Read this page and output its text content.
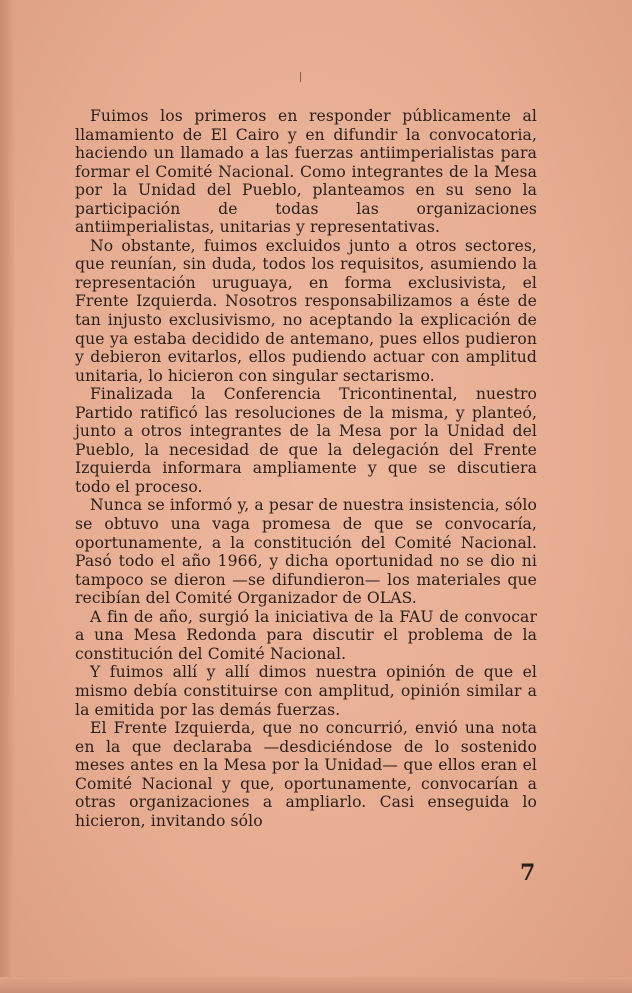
Fuimos los primeros en responder públicamente al llamamiento de El Cairo y en difundir la convocatoria, haciendo un llamado a las fuerzas antiimperialistas para formar el Comité Nacional. Como integrantes de la Mesa por la Unidad del Pueblo, planteamos en su seno la participación de todas las organizaciones antiimperialistas, unitarias y representativas.

No obstante, fuimos excluidos junto a otros sectores, que reunían, sin duda, todos los requisitos, asumiendo la representación uruguaya, en forma exclusivista, el Frente Izquierda. Nosotros responsabilizamos a éste de tan injusto exclusivismo, no aceptando la explicación de que ya estaba decidido de antemano, pues ellos pudieron y debieron evitarlos, ellos pudiendo actuar con amplitud unitaria, lo hicieron con singular sectarismo.

Finalizada la Conferencia Tricontinental, nuestro Partido ratificó las resoluciones de la misma, y planteó, junto a otros integrantes de la Mesa por la Unidad del Pueblo, la necesidad de que la delegación del Frente Izquierda informara ampliamente y que se discutiera todo el proceso.

Nunca se informó y, a pesar de nuestra insistencia, sólo se obtuvo una vaga promesa de que se convocaría, oportunamente, a la constitución del Comité Nacional. Pasó todo el año 1966, y dicha oportunidad no se dio ni tampoco se dieron —se difundieron— los materiales que recibían del Comité Organizador de OLAS.

A fin de año, surgió la iniciativa de la FAU de convocar a una Mesa Redonda para discutir el problema de la constitución del Comité Nacional.

Y fuimos allí y allí dimos nuestra opinión de que el mismo debía constituirse con amplitud, opinión similar a la emitida por las demás fuerzas.

El Frente Izquierda, que no concurrió, envió una nota en la que declaraba —desdiciéndose de lo sostenido meses antes en la Mesa por la Unidad— que ellos eran el Comité Nacional y que, oportunamente, convocarían a otras organizaciones a ampliarlo. Casi enseguida lo hicieron, invitando sólo

7
